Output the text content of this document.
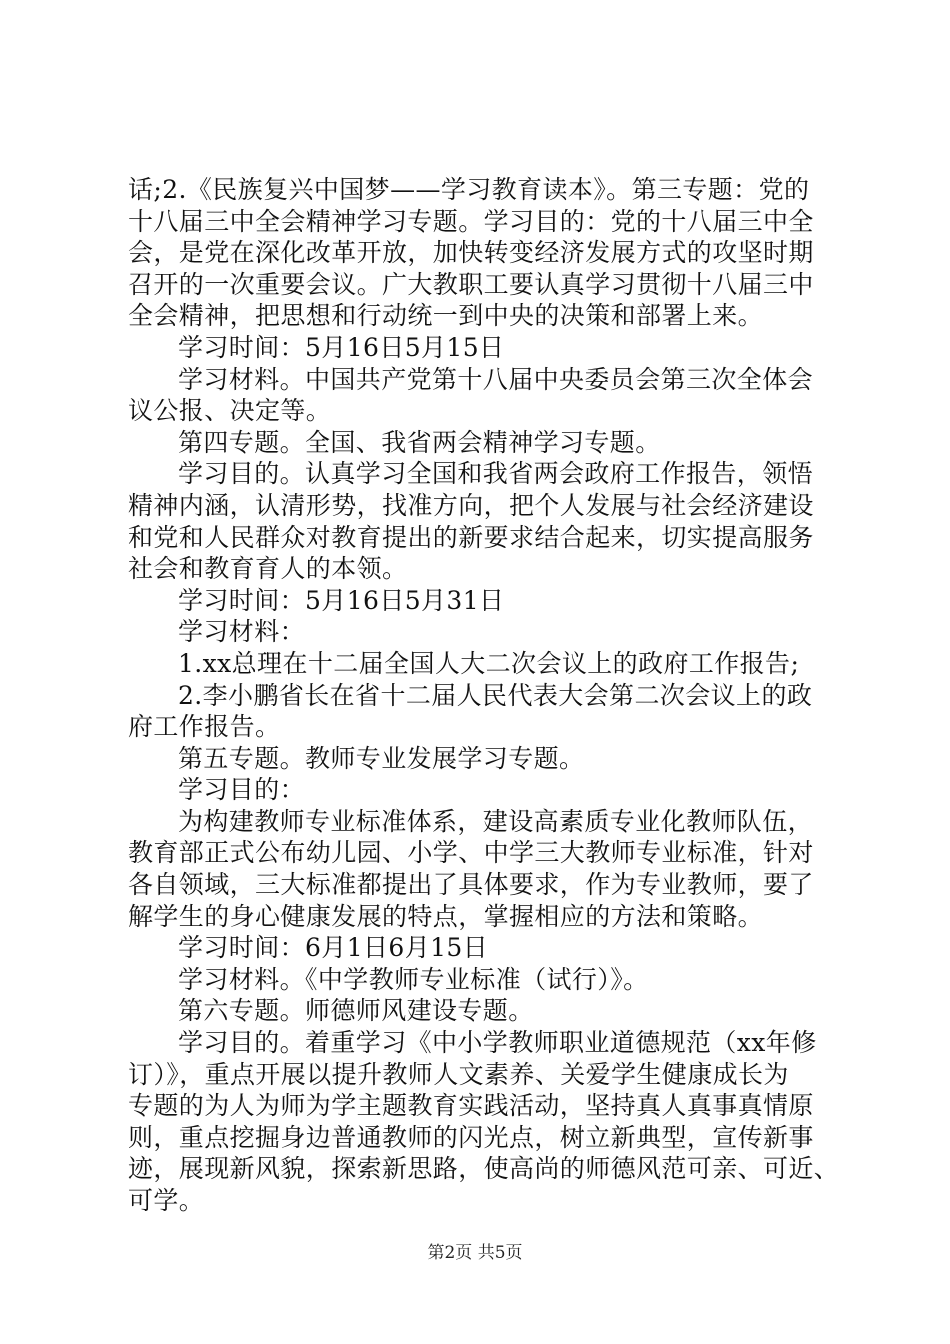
话;2.《民族复兴中国梦——学习教育读本》。第三专题：党的
十八届三中全会精神学习专题。学习目的：党的十八届三中全
会，是党在深化改革开放，加快转变经济发展方式的攻坚时期
召开的一次重要会议。广大教职工要认真学习贯彻十八届三中
全会精神，把思想和行动统一到中央的决策和部署上来。
学习时间：5月16日5月15日
学习材料。中国共产党第十八届中央委员会第三次全体会
议公报、决定等。
第四专题。全国、我省两会精神学习专题。
学习目的。认真学习全国和我省两会政府工作报告，领悟
精神内涵，认清形势，找准方向，把个人发展与社会经济建设
和党和人民群众对教育提出的新要求结合起来，切实提高服务
社会和教育育人的本领。
学习时间：5月16日5月31日
学习材料：
1.xx总理在十二届全国人大二次会议上的政府工作报告;
2.李小鹏省长在省十二届人民代表大会第二次会议上的政
府工作报告。
第五专题。教师专业发展学习专题。
学习目的：
为构建教师专业标准体系，建设高素质专业化教师队伍，
教育部正式公布幼儿园、小学、中学三大教师专业标准，针对
各自领域，三大标准都提出了具体要求，作为专业教师，要了
解学生的身心健康发展的特点，掌握相应的方法和策略。
学习时间：6月1日6月15日
学习材料。《中学教师专业标准（试行）》。
第六专题。师德师风建设专题。
学习目的。着重学习《中小学教师职业道德规范（xx年修
订）》，重点开展以提升教师人文素养、关爱学生健康成长为
专题的为人为师为学主题教育实践活动，坚持真人真事真情原
则，重点挖掘身边普通教师的闪光点，树立新典型，宣传新事
迹，展现新风貌，探索新思路，使高尚的师德风范可亲、可近、
可学。
第2页 共5页
